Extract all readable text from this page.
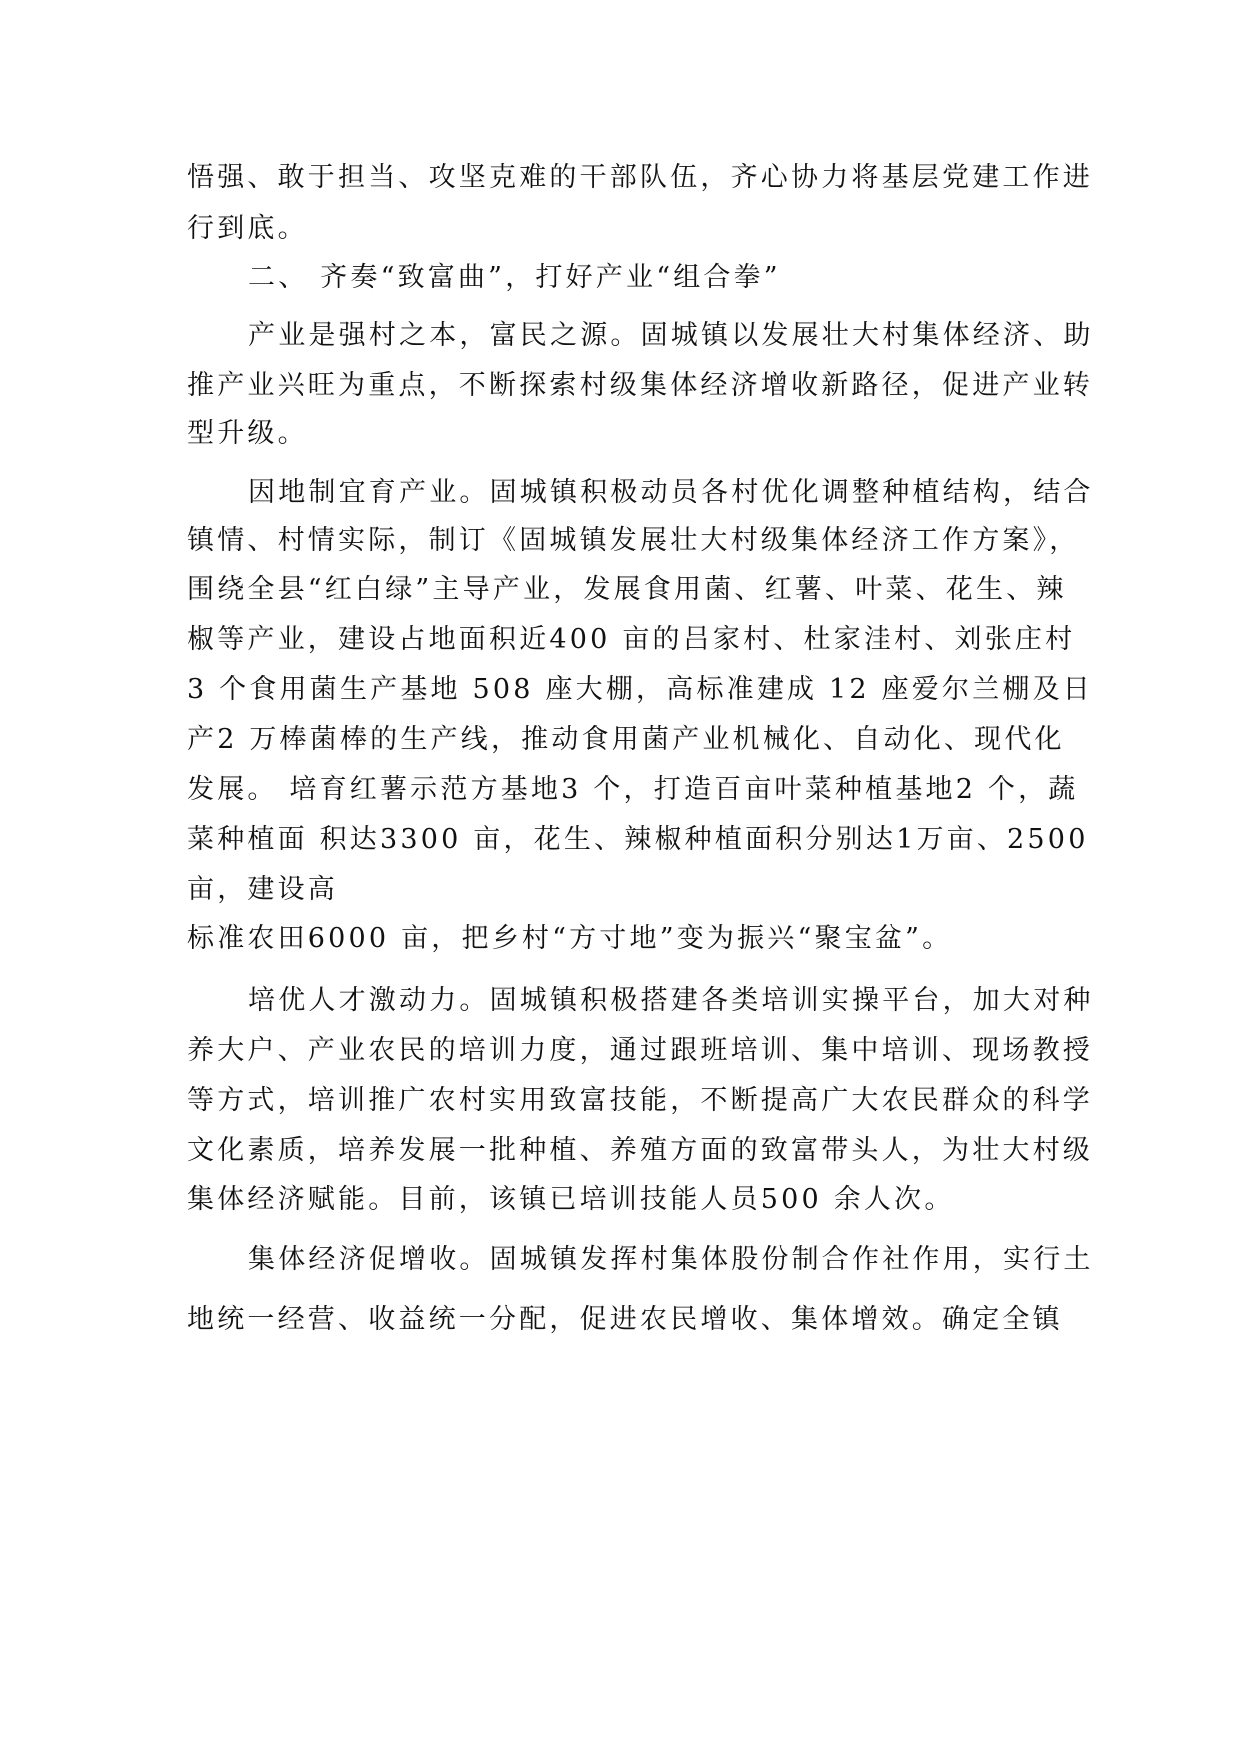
悟强、敢于担当、攻坚克难的干部队伍，齐心协力将基层党建工作进

行到底。

二、 齐奏“致富曲”，打好产业“组合拳”

产业是强村之本，富民之源。固城镇以发展壮大村集体经济、助

推产业兴旺为重点，不断探索村级集体经济增收新路径，促进产业转

型升级。

因地制宜育产业。固城镇积极动员各村优化调整种植结构，结合

镇情、村情实际，制订《固城镇发展壮大村级集体经济工作方案》，

围绕全县“红白绿”主导产业，发展食用菌、红薯、叶菜、花生、辣

椒等产业，建设占地面积近400 亩的吕家村、杜家洼村、刘张庄村

3 个食用菌生产基地 508 座大棚，高标准建成 12 座爱尔兰棚及日

产2 万棒菌棒的生产线，推动食用菌产业机械化、自动化、现代化

发展。 培育红薯示范方基地3 个，打造百亩叶菜种植基地2 个，蔬

菜种植面 积达3300 亩，花生、辣椒种植面积分别达1万亩、2500

亩，建设高

标准农田6000 亩，把乡村“方寸地”变为振兴“聚宝盆”。

培优人才激动力。固城镇积极搭建各类培训实操平台，加大对种

养大户、产业农民的培训力度，通过跟班培训、集中培训、现场教授

等方式，培训推广农村实用致富技能，不断提高广大农民群众的科学

文化素质，培养发展一批种植、养殖方面的致富带头人，为壮大村级

集体经济赋能。目前，该镇已培训技能人员500 余人次。

集体经济促增收。固城镇发挥村集体股份制合作社作用，实行土

地统一经营、收益统一分配，促进农民增收、集体增效。确定全镇
